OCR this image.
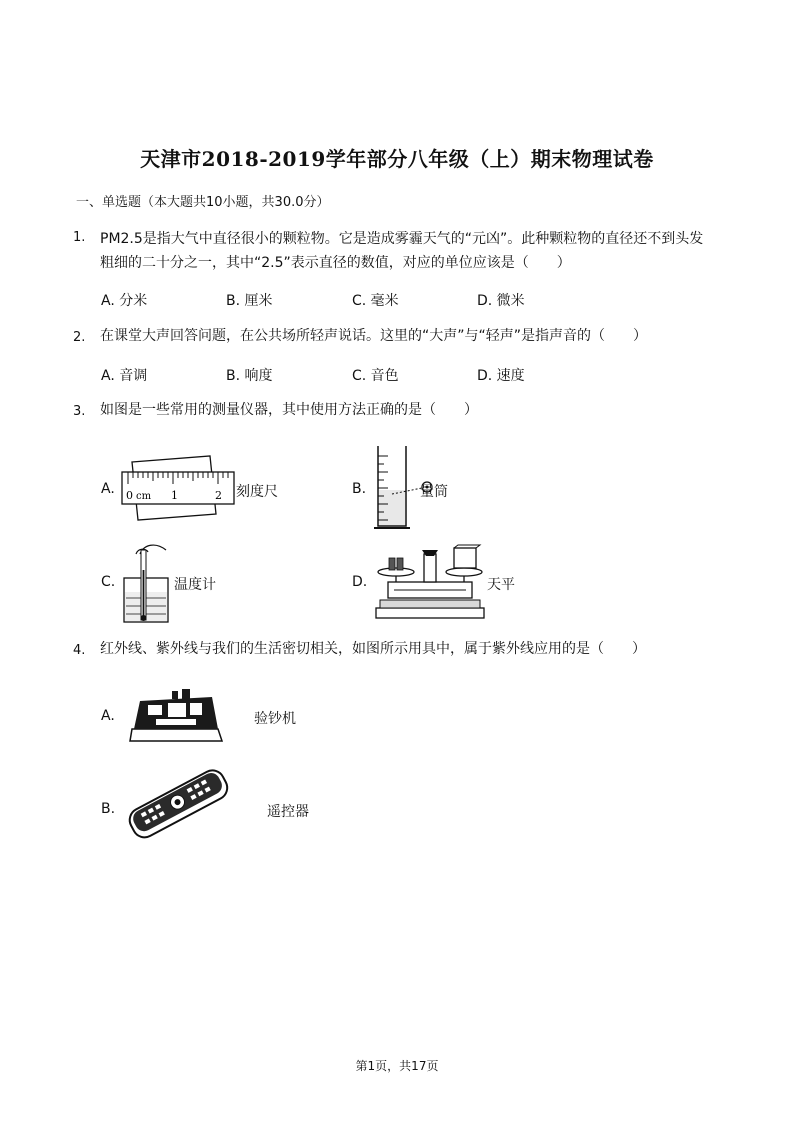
天津市2018-2019学年部分八年级（上）期末物理试卷
一、单选题（本大题共10小题，共30.0分）
1. PM2.5是指大气中直径很小的颗粒物。它是造成雾霾天气的“元凶”。此种颗粒物的直径还不到头发
粗细的二十分之一，其中“2.5”表示直径的数值，对应的单位应该是（　　）
A. 分米	B. 厘米	C. 毫米	D. 微米
2. 在课堂大声回答问题，在公共场所轻声说话。这里的“大声”与“轻声”是指声音的（　　）
A. 音调	B. 响度	C. 音色	D. 速度
3. 如图是一些常用的测量仪器，其中使用方法正确的是（　　）
A. 0 cm 1	2 刻度尺	B.	量筒
C.	温度计	D.	天平
4. 红外线、紫外线与我们的生活密切相关，如图所示用具中，属于紫外线应用的是（　　）
A.	验钞机
B.	遥控器
第1页，共17页
